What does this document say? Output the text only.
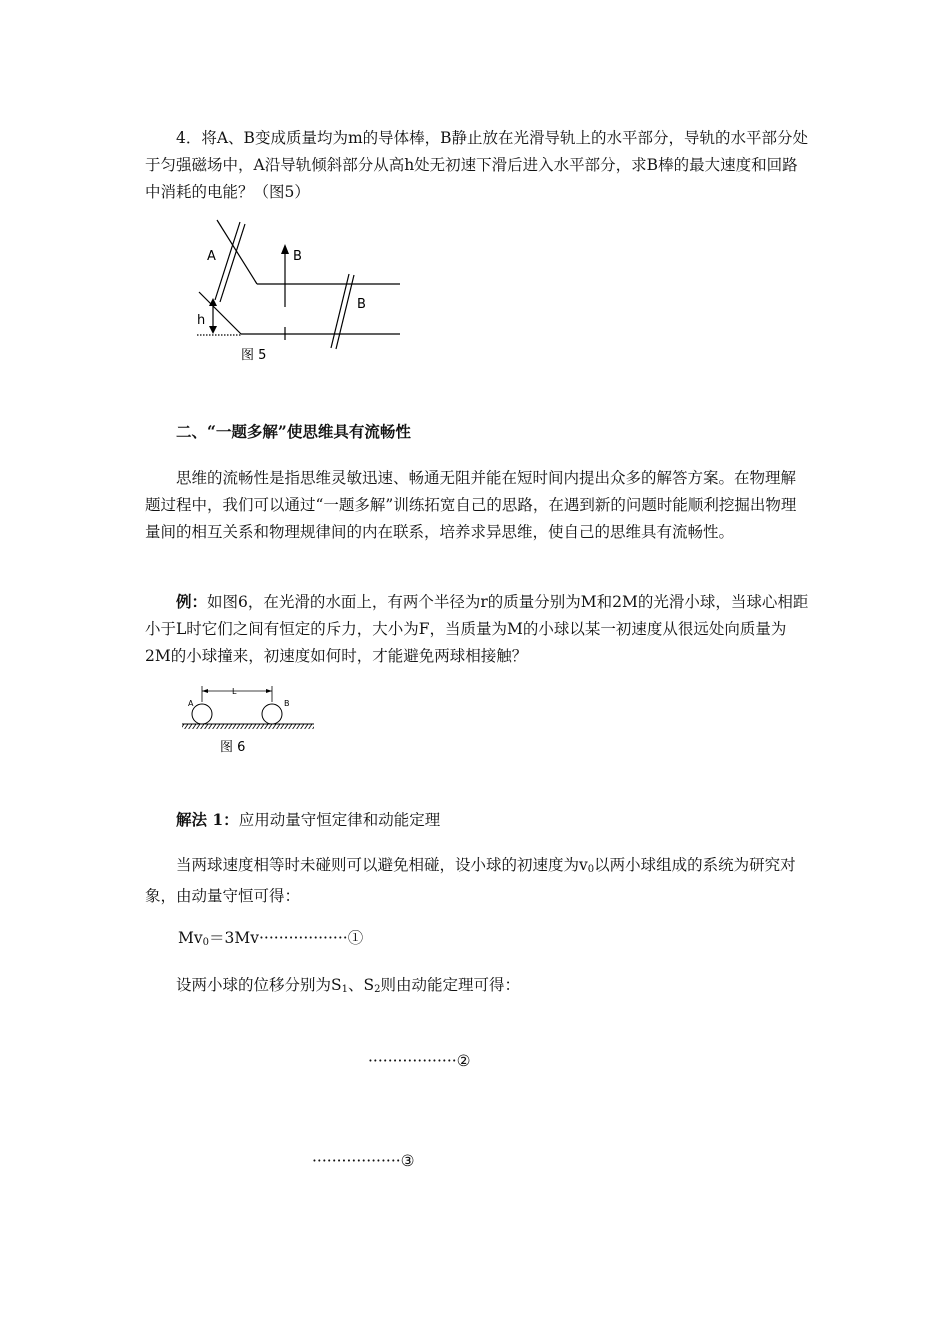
4．将A、B变成质量均为m的导体棒，B静止放在光滑导轨上的水平部分，导轨的水平部分处于匀强磁场中，A沿导轨倾斜部分从高h处无初速下滑后进入水平部分，求B棒的最大速度和回路中消耗的电能？（图5）

A	B
B
h
图 5

二、“一题多解”使思维具有流畅性

思维的流畅性是指思维灵敏迅速、畅通无阻并能在短时间内提出众多的解答方案。在物理解题过程中，我们可以通过“一题多解”训练拓宽自己的思路，在遇到新的问题时能顺利挖掘出物理量间的相互关系和物理规律间的内在联系，培养求异思维，使自己的思维具有流畅性。

例：如图6，在光滑的水面上，有两个半径为r的质量分别为M和2M的光滑小球，当球心相距小于L时它们之间有恒定的斥力，大小为F，当质量为M的小球以某一初速度从很远处向质量为2M的小球撞来，初速度如何时，才能避免两球相接触？

A	B
L
图 6

解法 1：应用动量守恒定律和动能定理

当两球速度相等时未碰则可以避免相碰，设小球的初速度为$v_0$以两小球组成的系统为研究对象，由动量守恒可得：

$Mv_0=3Mv\cdot\cdot\cdot\cdot\cdot\cdot\cdot\cdot\cdot\cdot\cdot\cdot\cdot\cdot\cdot\cdot\cdot\cdot ①$

设两小球的位移分别为$S_1$、$S_2$则由动能定理可得：

··················②

··················③
